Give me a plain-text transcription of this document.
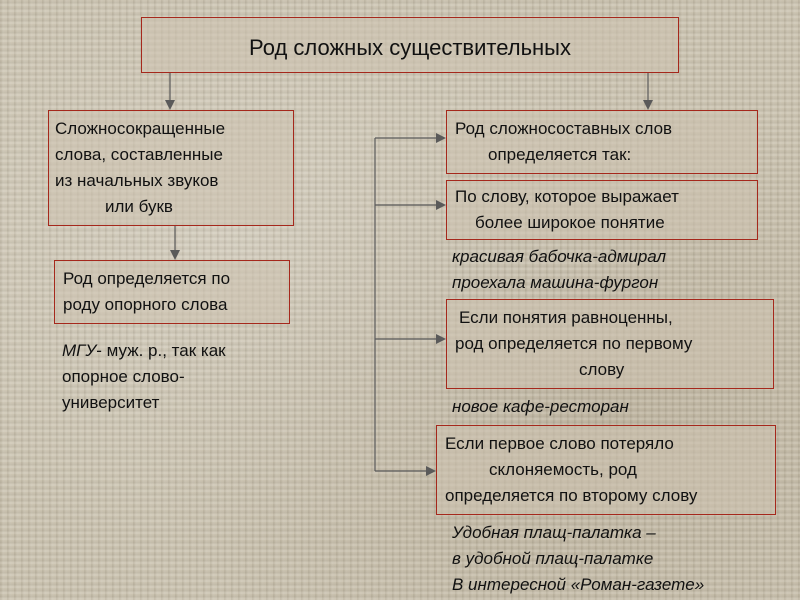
Род сложных существительных
Сложносокращенные
слова, составленные
из начальных звуков
или букв
Род определяется по
роду опорного слова
МГУ- муж. р., так как
опорное слово-
университет
Род сложносоставных слов
определяется так:
По слову, которое выражает
более широкое понятие
красивая бабочка-адмирал
проехала машина-фургон
Если понятия равноценны,
род определяется по первому
слову
новое кафе-ресторан
Если первое слово потеряло
склоняемость, род
определяется по второму слову
Удобная плащ-палатка –
в удобной плащ-палатке
В интересной «Роман-газете»
